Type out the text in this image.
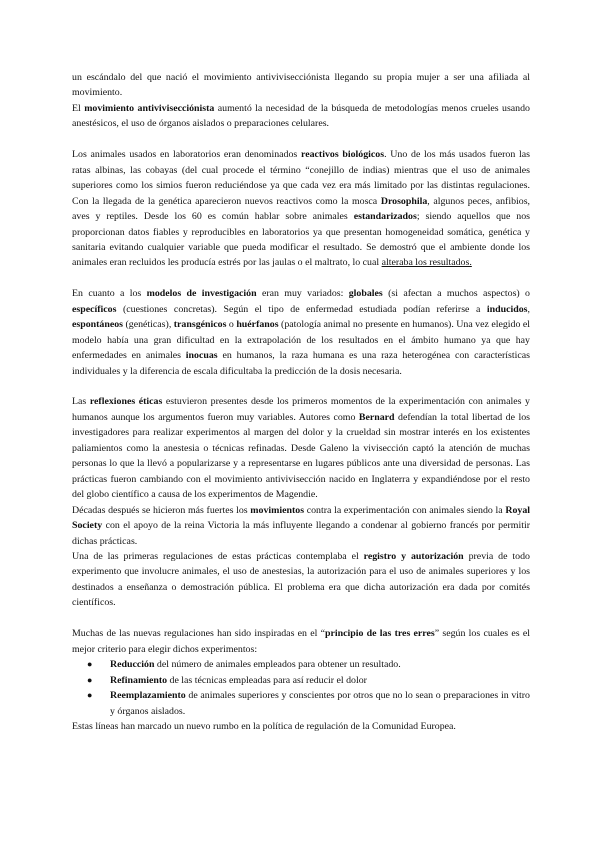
un escándalo del que nació el movimiento antivivisecciónista llegando su propia mujer a ser una afiliada al movimiento.

El movimiento antivivisecciónista aumentó la necesidad de la búsqueda de metodologías menos crueles usando anestésicos, el uso de órganos aislados o preparaciones celulares.

Los animales usados en laboratorios eran denominados reactivos biológicos. Uno de los más usados fueron las ratas albinas, las cobayas (del cual procede el término “conejillo de indias) mientras que el uso de animales superiores como los simios fueron reduciéndose ya que cada vez era más limitado por las distintas regulaciones. Con la llegada de la genética aparecieron nuevos reactivos como la mosca Drosophila, algunos peces, anfibios, aves y reptiles. Desde los 60 es común hablar sobre animales estandarizados; siendo aquellos que nos proporcionan datos fiables y reproducibles en laboratorios ya que presentan homogeneidad somática, genética y sanitaria evitando cualquier variable que pueda modificar el resultado. Se demostró que el ambiente donde los animales eran recluidos les producía estrés por las jaulas o el maltrato, lo cual alteraba los resultados.

En cuanto a los modelos de investigación eran muy variados: globales (si afectan a muchos aspectos) o específicos (cuestiones concretas). Según el tipo de enfermedad estudiada podían referirse a inducidos, espontáneos (genéticas), transgénicos o huérfanos (patología animal no presente en humanos). Una vez elegido el modelo había una gran dificultad en la extrapolación de los resultados en el ámbito humano ya que hay enfermedades en animales inocuas en humanos, la raza humana es una raza heterogénea con características individuales y la diferencia de escala dificultaba la predicción de la dosis necesaria.

Las reflexiones éticas estuvieron presentes desde los primeros momentos de la experimentación con animales y humanos aunque los argumentos fueron muy variables. Autores como Bernard defendían la total libertad de los investigadores para realizar experimentos al margen del dolor y la crueldad sin mostrar interés en los existentes paliamientos como la anestesia o técnicas refinadas. Desde Galeno la vivisección captó la atención de muchas personas lo que la llevó a popularizarse y a representarse en lugares públicos ante una diversidad de personas. Las prácticas fueron cambiando con el movimiento antivivisección nacido en Inglaterra y expandiéndose por el resto del globo científico a causa de los experimentos de Magendie.

Décadas después se hicieron más fuertes los movimientos contra la experimentación con animales siendo la Royal Society con el apoyo de la reina Victoria la más influyente llegando a condenar al gobierno francés por permitir dichas prácticas.

Una de las primeras regulaciones de estas prácticas contemplaba el registro y autorización previa de todo experimento que involucre animales, el uso de anestesias, la autorización para el uso de animales superiores y los destinados a enseñanza o demostración pública. El problema era que dicha autorización era dada por comités científicos.

Muchas de las nuevas regulaciones han sido inspiradas en el “principio de las tres erres” según los cuales es el mejor criterio para elegir dichos experimentos:

● Reducción del número de animales empleados para obtener un resultado.
● Refinamiento de las técnicas empleadas para así reducir el dolor
● Reemplazamiento de animales superiores y conscientes por otros que no lo sean o preparaciones in vitro y órganos aislados.

Estas líneas han marcado un nuevo rumbo en la política de regulación de la Comunidad Europea.
